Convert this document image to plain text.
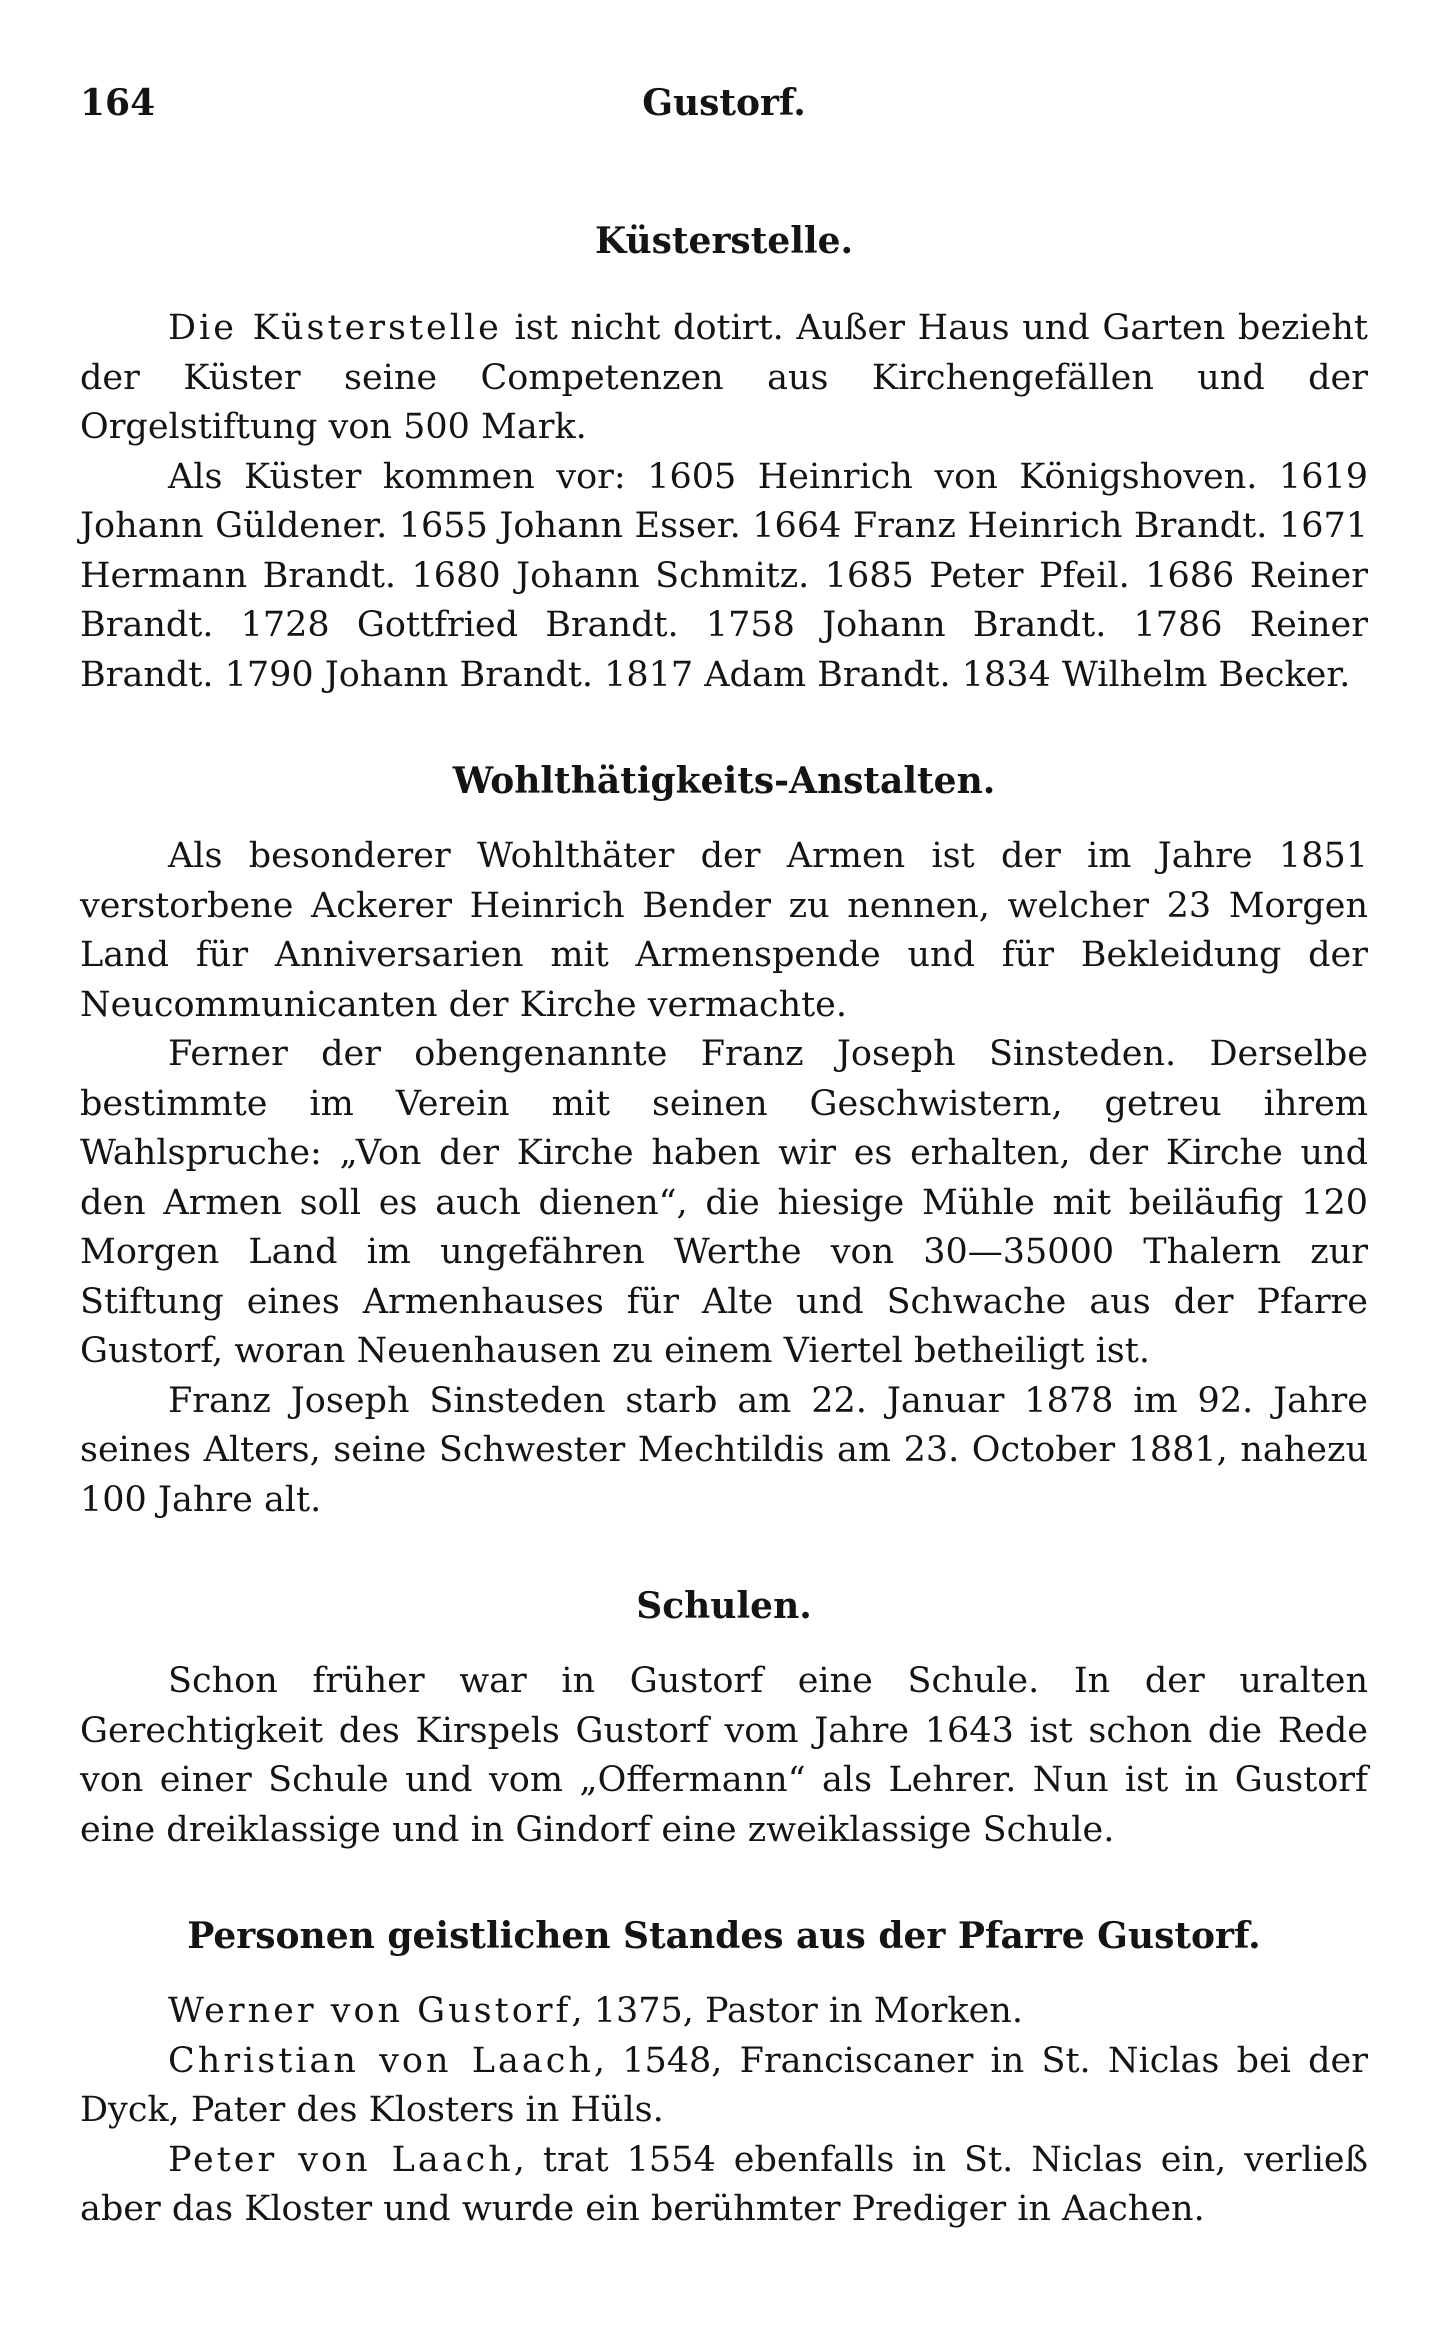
164	Gustorf.
Küsterstelle.

Die Küsterstelle ist nicht dotirt. Außer Haus und Garten bezieht der Küster seine Competenzen aus Kirchengefällen und der Orgelstiftung von 500 Mark.

Als Küster kommen vor: 1605 Heinrich von Königshoven. 1619 Johann Güldener. 1655 Johann Esser. 1664 Franz Heinrich Brandt. 1671 Hermann Brandt. 1680 Johann Schmitz. 1685 Peter Pfeil. 1686 Reiner Brandt. 1728 Gottfried Brandt. 1758 Johann Brandt. 1786 Reiner Brandt. 1790 Johann Brandt. 1817 Adam Brandt. 1834 Wilhelm Becker.

Wohlthätigkeits-Anstalten.

Als besonderer Wohlthäter der Armen ist der im Jahre 1851 verstorbene Ackerer Heinrich Bender zu nennen, welcher 23 Morgen Land für Anniversarien mit Armenspende und für Bekleidung der Neucommunicanten der Kirche vermachte.

Ferner der obengenannte Franz Joseph Sinsteden. Derselbe bestimmte im Verein mit seinen Geschwistern, getreu ihrem Wahlspruche: „Von der Kirche haben wir es erhalten, der Kirche und den Armen soll es auch dienen“, die hiesige Mühle mit beiläufig 120 Morgen Land im ungefähren Werthe von 30—35000 Thalern zur Stiftung eines Armenhauses für Alte und Schwache aus der Pfarre Gustorf, woran Neuenhausen zu einem Viertel betheiligt ist.

Franz Joseph Sinsteden starb am 22. Januar 1878 im 92. Jahre seines Alters, seine Schwester Mechtildis am 23. October 1881, nahezu 100 Jahre alt.

Schulen.

Schon früher war in Gustorf eine Schule. In der uralten Gerechtigkeit des Kirspels Gustorf vom Jahre 1643 ist schon die Rede von einer Schule und vom „Offermann“ als Lehrer. Nun ist in Gustorf eine dreiklassige und in Gindorf eine zweiklassige Schule.

Personen geistlichen Standes aus der Pfarre Gustorf.

Werner von Gustorf, 1375, Pastor in Morken.

Christian von Laach, 1548, Franciscaner in St. Niclas bei der Dyck, Pater des Klosters in Hüls.

Peter von Laach, trat 1554 ebenfalls in St. Niclas ein, verließ aber das Kloster und wurde ein berühmter Prediger in Aachen.
